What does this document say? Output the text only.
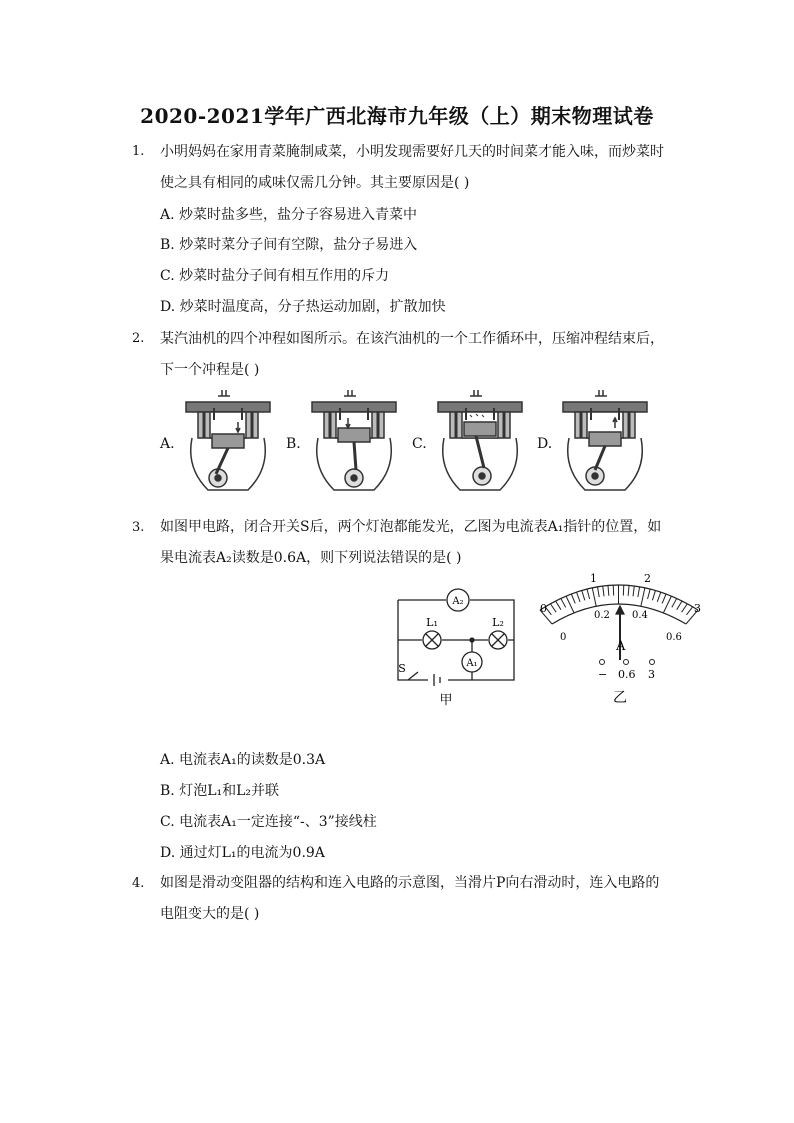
2020-2021学年广西北海市九年级（上）期末物理试卷
1. 小明妈妈在家用青菜腌制咸菜，小明发现需要好几天的时间菜才能入味，而炒菜时
使之具有相同的咸味仅需几分钟。其主要原因是( )
A. 炒菜时盐多些，盐分子容易进入青菜中
B. 炒菜时菜分子间有空隙，盐分子易进入
C. 炒菜时盐分子间有相互作用的斥力
D. 炒菜时温度高，分子热运动加剧，扩散加快
2. 某汽油机的四个冲程如图所示。在该汽油机的一个工作循环中，压缩冲程结束后，
下一个冲程是( )
A.	B.	C.	D.
3. 如图甲电路，闭合开关S后，两个灯泡都能发光，乙图为电流表A₁指针的位置，如
果电流表A₂读数是0.6A，则下列说法错误的是( )
A₂
A₁
L₁	L₂
S
甲
0
1	2
3
0
0.2 0.4
0.6
A
− 0.6 3
乙
A. 电流表A₁的读数是0.3A
B. 灯泡L₁和L₂并联
C. 电流表A₁一定连接“-、3”接线柱
D. 通过灯L₁的电流为0.9A
4. 如图是滑动变阻器的结构和连入电路的示意图，当滑片P向右滑动时，连入电路的
电阻变大的是( )
